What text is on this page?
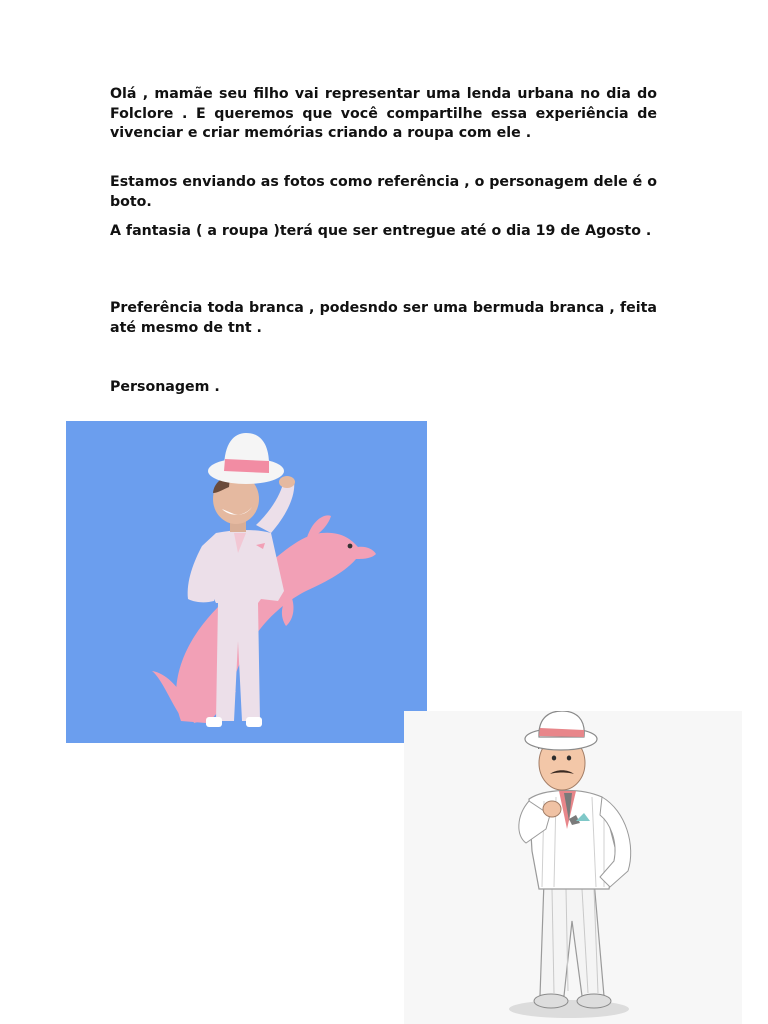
Olá , mamãe seu filho vai representar uma lenda urbana no dia do Folclore . E queremos que você compartilhe essa experiência de vivenciar e criar memórias criando a roupa com ele .

Estamos enviando as fotos como referência , o personagem dele é o boto.

A fantasia ( a roupa )terá que ser entregue até o dia 19 de Agosto .

Preferência toda branca , podesndo ser uma bermuda branca , feita até mesmo de tnt .

Personagem .
